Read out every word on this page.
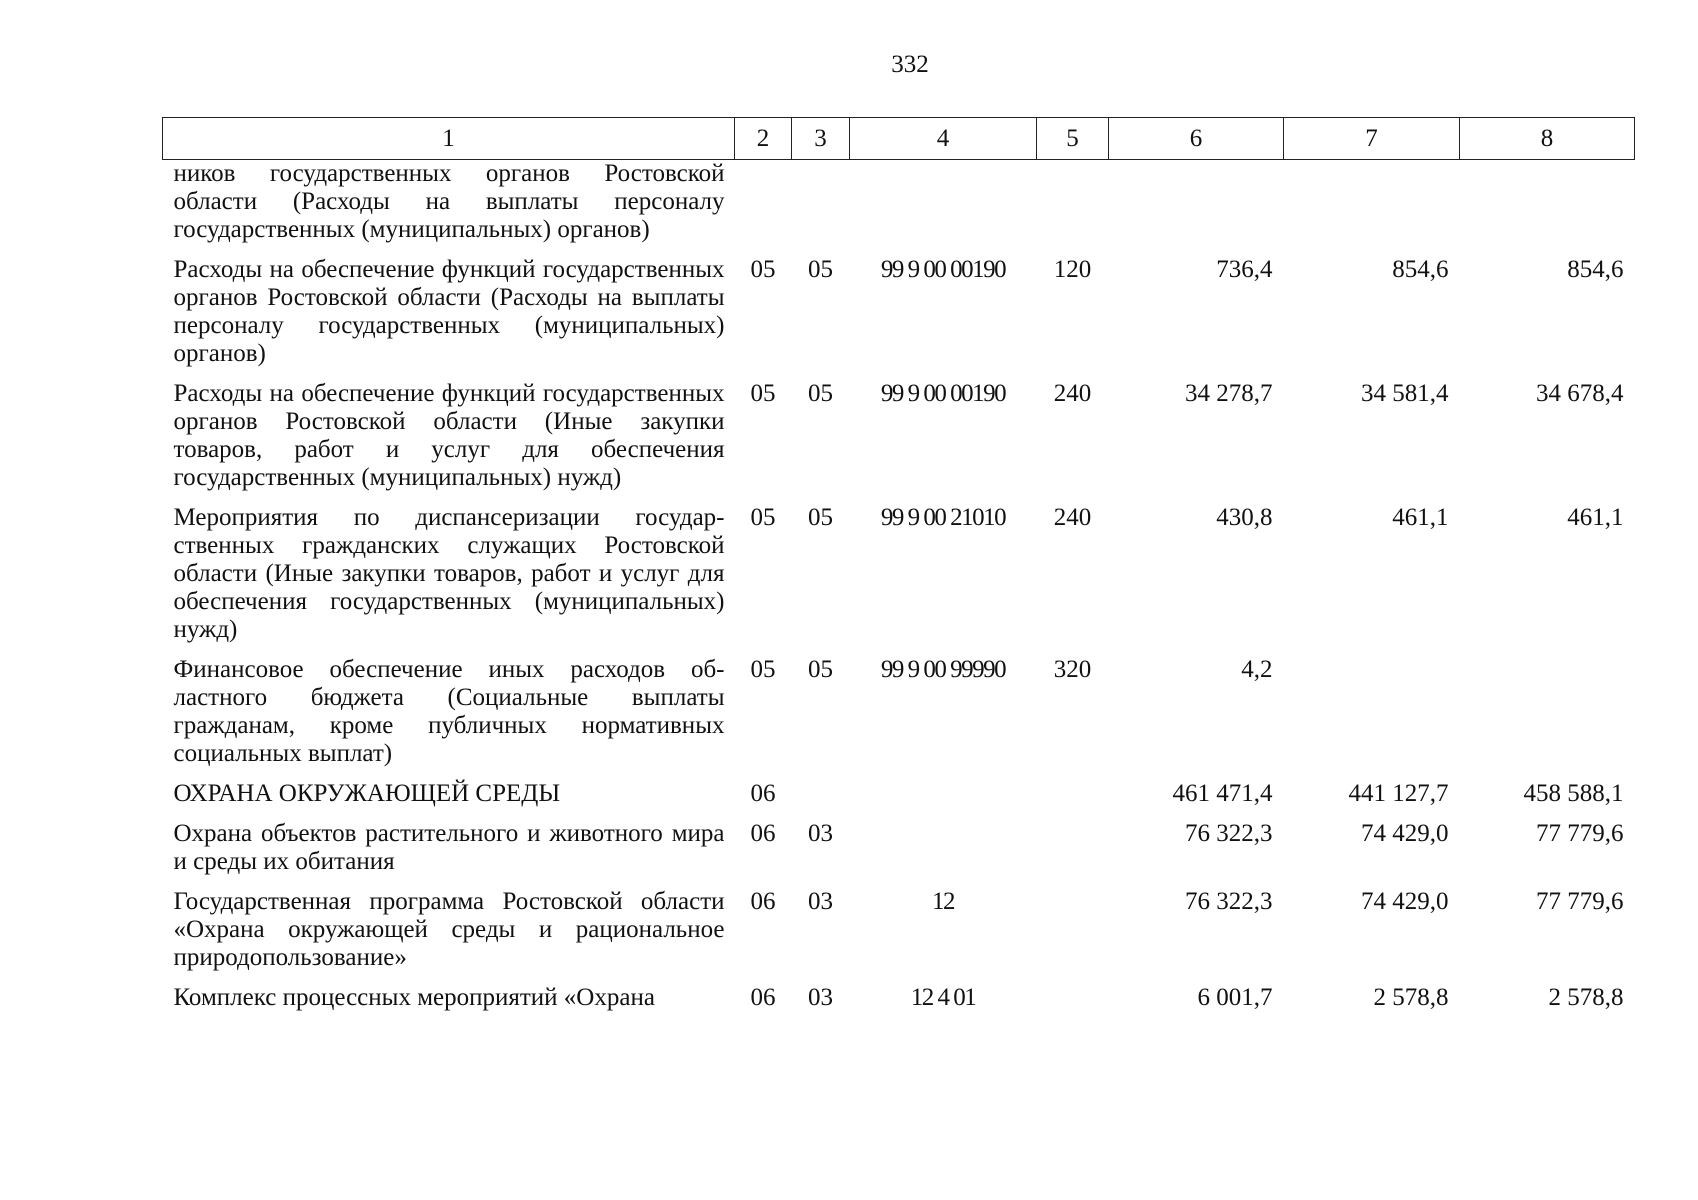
332
1	2	3	4	5	6	7	8
ников государственных органов Ростовской области (Расходы на выплаты персоналу государственных (муниципальных) органов)							
Расходы на обеспечение функций государственных органов Ростовской области (Расходы на выплаты персоналу государственных (муниципальных) органов)	05	05	99 9 00 00190	120	736,4	854,6	854,6
Расходы на обеспечение функций государственных органов Ростовской области (Иные закупки товаров, работ и услуг для обеспечения государственных (муниципальных) нужд)	05	05	99 9 00 00190	240	34 278,7	34 581,4	34 678,4
Мероприятия по диспансеризации государственных гражданских служащих Ростовской области (Иные закупки товаров, работ и услуг для обеспечения государственных (муниципальных) нужд)	05	05	99 9 00 21010	240	430,8	461,1	461,1
Финансовое обеспечение иных расходов областного бюджета (Социальные выплаты гражданам, кроме публичных нормативных социальных выплат)	05	05	99 9 00 99990	320	4,2		
ОХРАНА ОКРУЖАЮЩЕЙ СРЕДЫ	06				461 471,4	441 127,7	458 588,1
Охрана объектов растительного и животного мира и среды их обитания	06	03			76 322,3	74 429,0	77 779,6
Государственная программа Ростовской области «Охрана окружающей среды и рациональное природопользование»	06	03	12		76 322,3	74 429,0	77 779,6
Комплекс процессных мероприятий «Охрана	06	03	12 4 01		6 001,7	2 578,8	2 578,8
